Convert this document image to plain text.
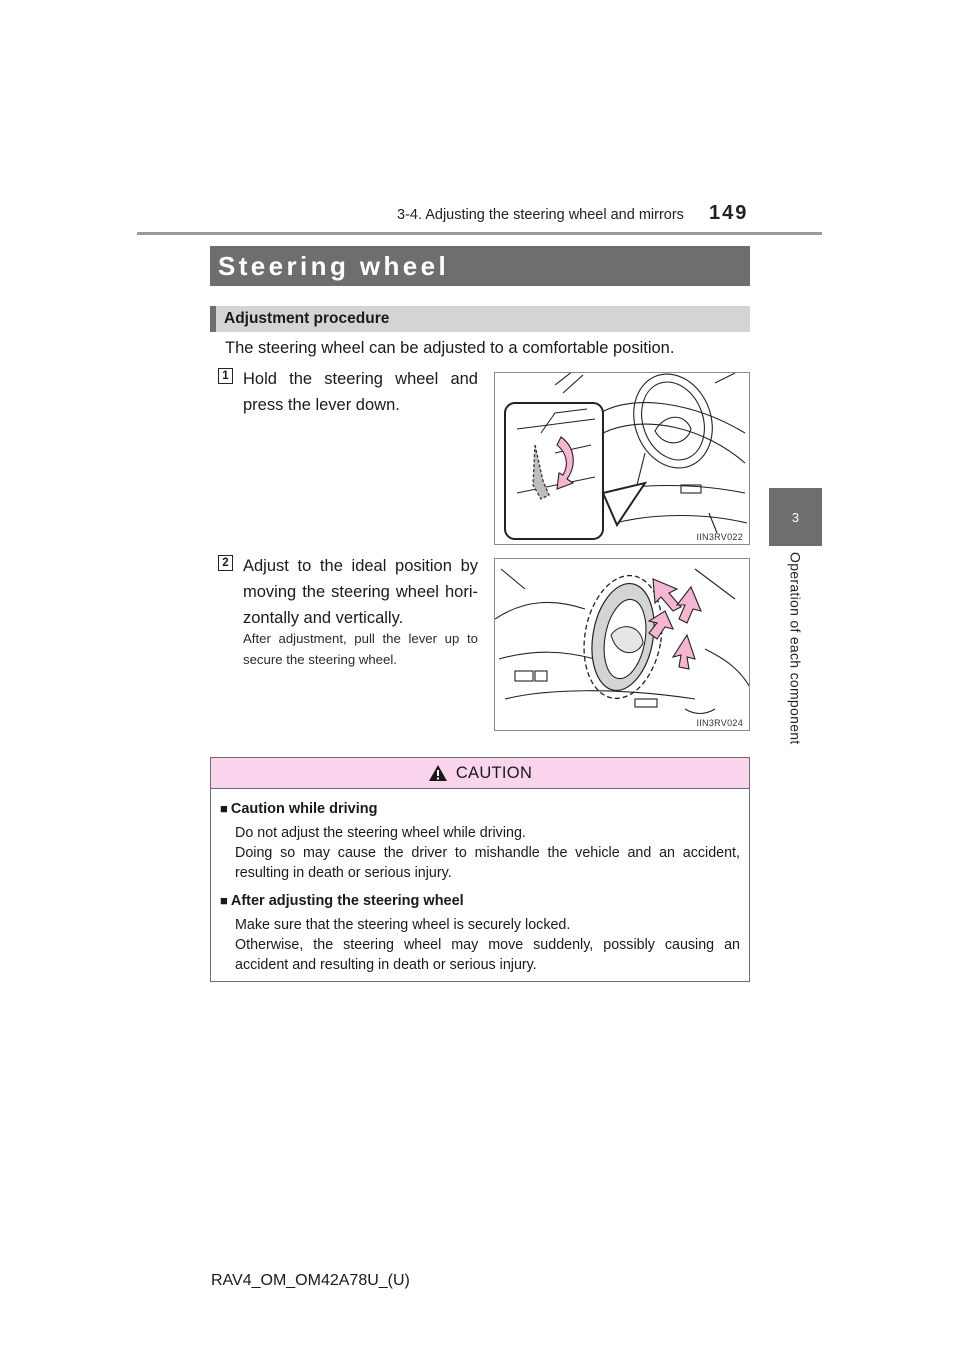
3-4. Adjusting the steering wheel and mirrors 149
3
Operation of each component
Steering wheel
Adjustment procedure
The steering wheel can be adjusted to a comfortable position.
1 Hold the steering wheel and press the lever down.
IIN3RV022
2 Adjust to the ideal position by moving the steering wheel hori-zontally and vertically.
After adjustment, pull the lever up to secure the steering wheel.
IIN3RV024
CAUTION
■ Caution while driving
Do not adjust the steering wheel while driving.
Doing so may cause the driver to mishandle the vehicle and an accident, resulting in death or serious injury.
■ After adjusting the steering wheel
Make sure that the steering wheel is securely locked.
Otherwise, the steering wheel may move suddenly, possibly causing an accident and resulting in death or serious injury.
RAV4_OM_OM42A78U_(U)
